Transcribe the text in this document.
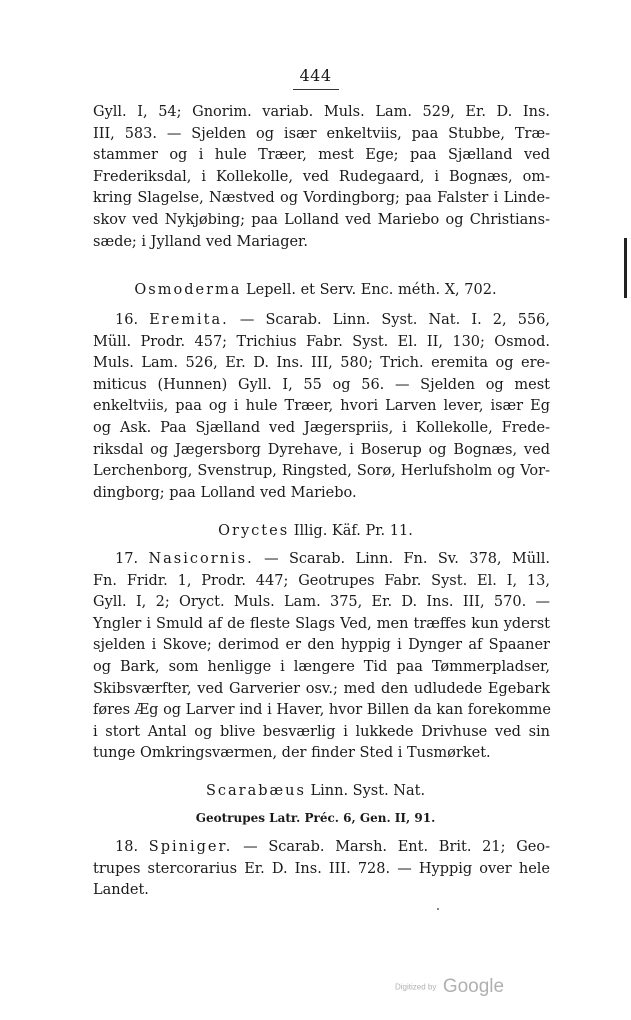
444
Gyll. I, 54; Gnorim. variab. Muls. Lam. 529, Er. D. Ins.
III, 583. — Sjelden og især enkeltviis, paa Stubbe, Træ-
stammer og i hule Træer, mest Ege; paa Sjælland ved
Frederiksdal, i Kollekolle, ved Rudegaard, i Bognæs, om-
kring Slagelse, Næstved og Vordingborg; paa Falster i Linde-
skov ved Nykjøbing; paa Lolland ved Mariebo og Christians-
sæde; i Jylland ved Mariager.
Osmoderma Lepell. et Serv. Enc. méth. X, 702.
16. Eremita. — Scarab. Linn. Syst. Nat. I. 2, 556,
Müll. Prodr. 457; Trichius Fabr. Syst. El. II, 130; Osmod.
Muls. Lam. 526, Er. D. Ins. III, 580; Trich. eremita og ere-
miticus (Hunnen) Gyll. I, 55 og 56. — Sjelden og mest
enkeltviis, paa og i hule Træer, hvori Larven lever, især Eg
og Ask. Paa Sjælland ved Jægerspriis, i Kollekolle, Frede-
riksdal og Jægersborg Dyrehave, i Boserup og Bognæs, ved
Lerchenborg, Svenstrup, Ringsted, Sorø, Herlufsholm og Vor-
dingborg; paa Lolland ved Mariebo.
Oryctes Illig. Käf. Pr. 11.
17. Nasicornis. — Scarab. Linn. Fn. Sv. 378, Müll.
Fn. Fridr. 1, Prodr. 447; Geotrupes Fabr. Syst. El. I, 13,
Gyll. I, 2; Oryct. Muls. Lam. 375, Er. D. Ins. III, 570. —
Yngler i Smuld af de fleste Slags Ved, men træffes kun yderst
sjelden i Skove; derimod er den hyppig i Dynger af Spaaner
og Bark, som henligge i længere Tid paa Tømmerpladser,
Skibsværfter, ved Garverier osv.; med den udludede Egebark
føres Æg og Larver ind i Haver, hvor Billen da kan forekomme
i stort Antal og blive besværlig i lukkede Drivhuse ved sin
tunge Omkringsværmen, der finder Sted i Tusmørket.
Scarabæus Linn. Syst. Nat.
Geotrupes Latr. Préc. 6, Gen. II, 91.
18. Spiniger. — Scarab. Marsh. Ent. Brit. 21; Geo-
trupes stercorarius Er. D. Ins. III. 728. — Hyppig over hele
Landet.
Digitized by Google
